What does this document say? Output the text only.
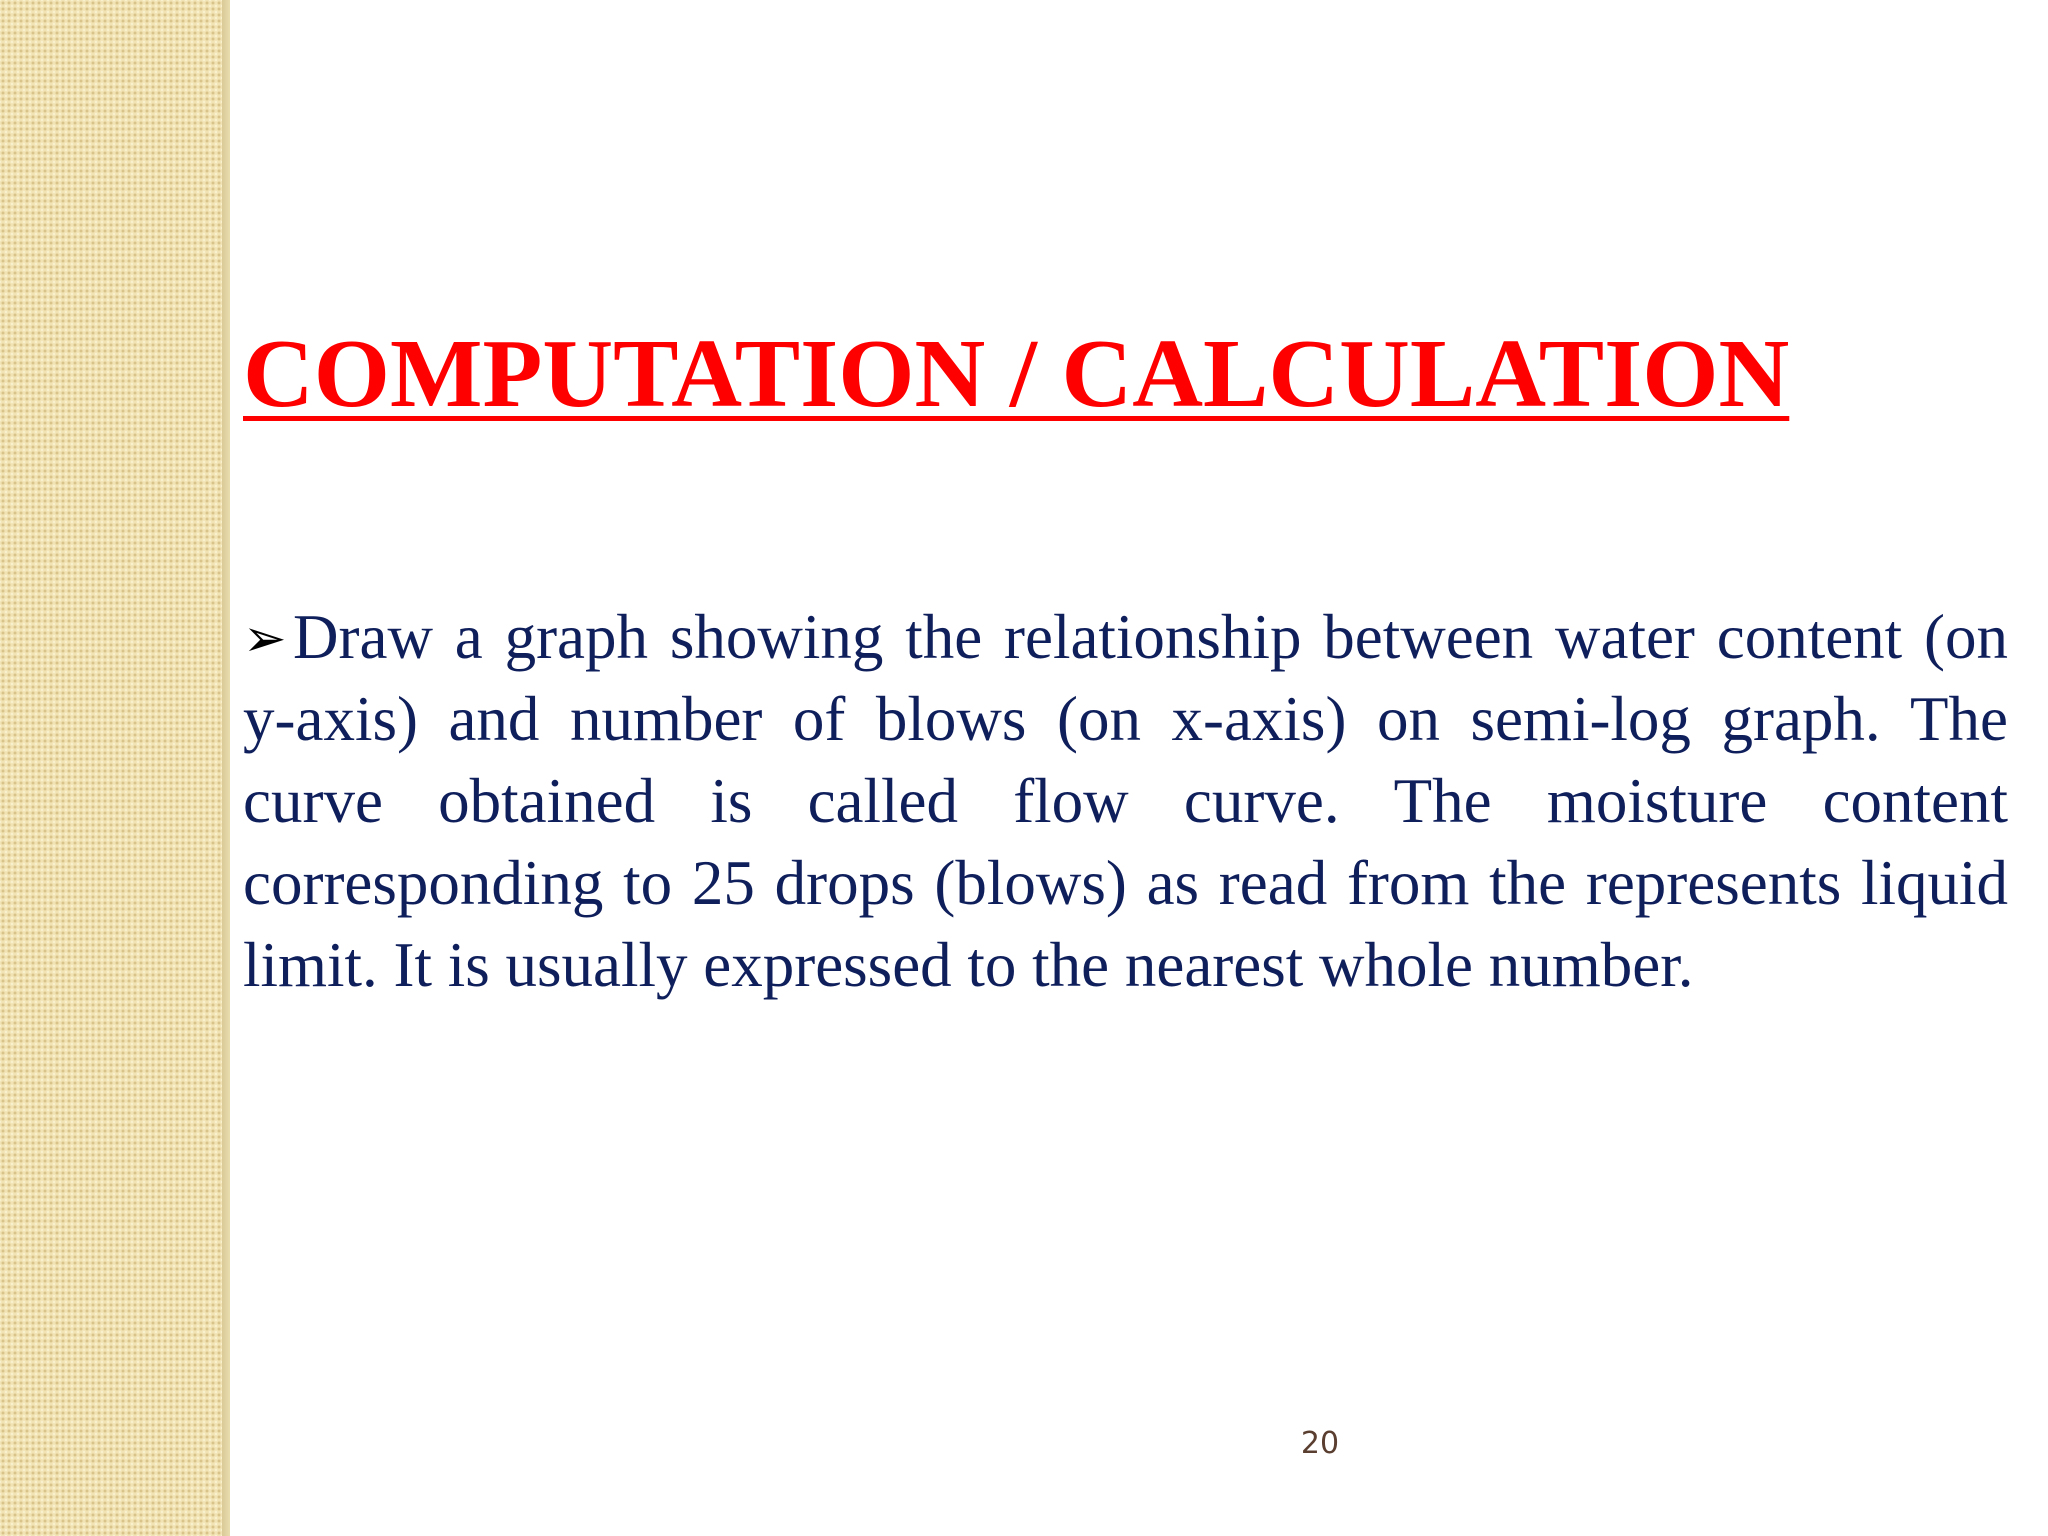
COMPUTATION / CALCULATION

➢ Draw a graph showing the relationship between water content (on y-axis) and number of blows (on x-axis) on semi-log graph. The curve obtained is called flow curve. The moisture content corresponding to 25 drops (blows) as read from the represents liquid limit. It is usually expressed to the nearest whole number.

20
